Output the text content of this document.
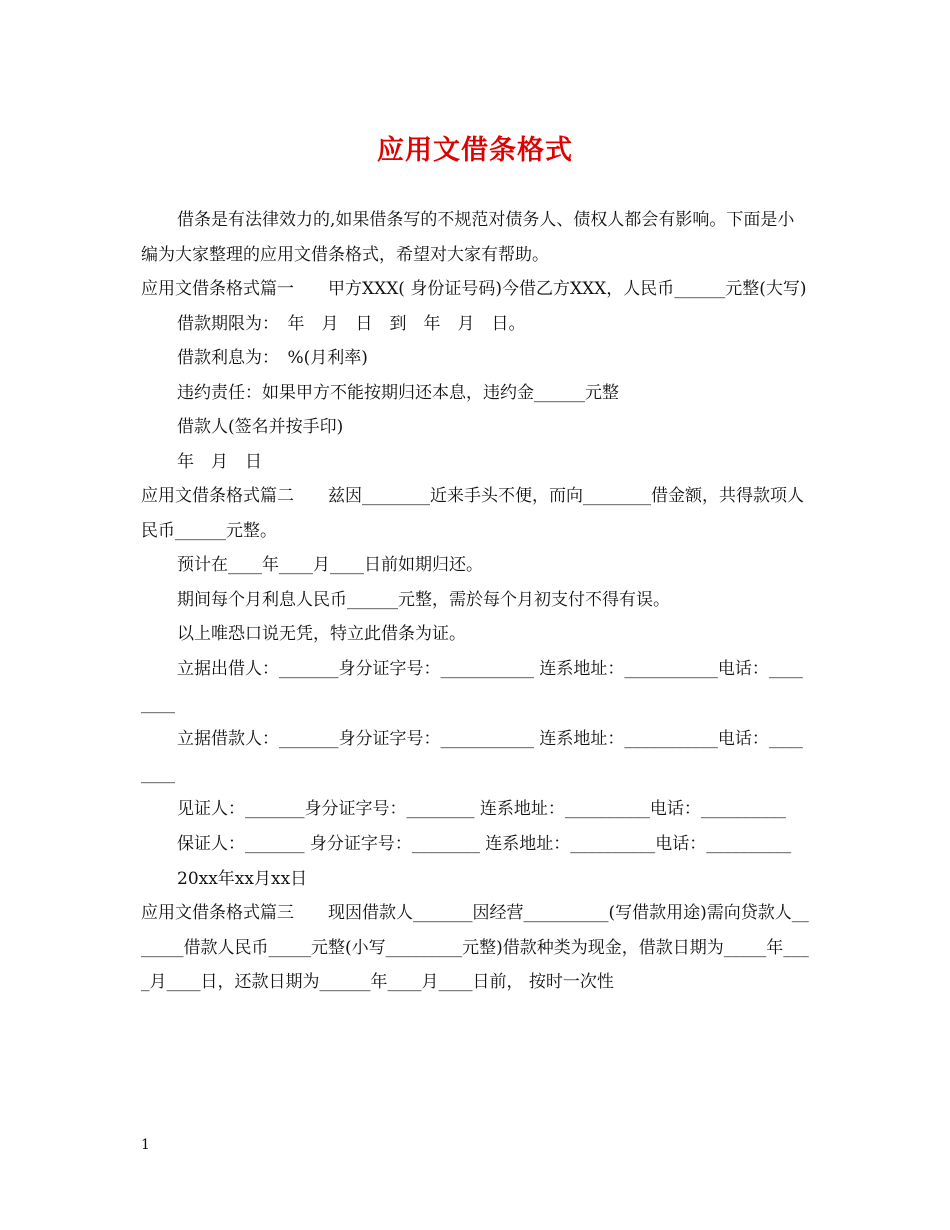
应用文借条格式

借条是有法律效力的,如果借条写的不规范对债务人、债权人都会有影响。下面是小编为大家整理的应用文借条格式，希望对大家有帮助。

应用文借条格式篇一　　甲方XXX( 身份证号码)今借乙方XXX，人民币______元整(大写)

借款期限为：　年　月　日　到　年　月　日。

借款利息为：　%(月利率)

违约责任：如果甲方不能按期归还本息，违约金______元整

借款人(签名并按手印)

年　月　日

应用文借条格式篇二　　兹因________近来手头不便，而向________借金额，共得款项人民币______元整。

预计在____年____月____日前如期归还。

期间每个月利息人民币______元整，需於每个月初支付不得有误。

以上唯恐口说无凭，特立此借条为证。

立据出借人：_______身分证字号：___________ 连系地址：___________电话：________

立据借款人：_______身分证字号：___________ 连系地址：___________电话：________

见证人：_______身分证字号：________ 连系地址：__________电话：__________

保证人：_______ 身分证字号：________ 连系地址：__________电话：__________

20xx年xx月xx日

应用文借条格式篇三　　现因借款人_______因经营__________(写借款用途)需向贷款人_______借款人民币_____元整(小写_________元整)借款种类为现金，借款日期为_____年____月____日，还款日期为______年____月____日前， 按时一次性

1
